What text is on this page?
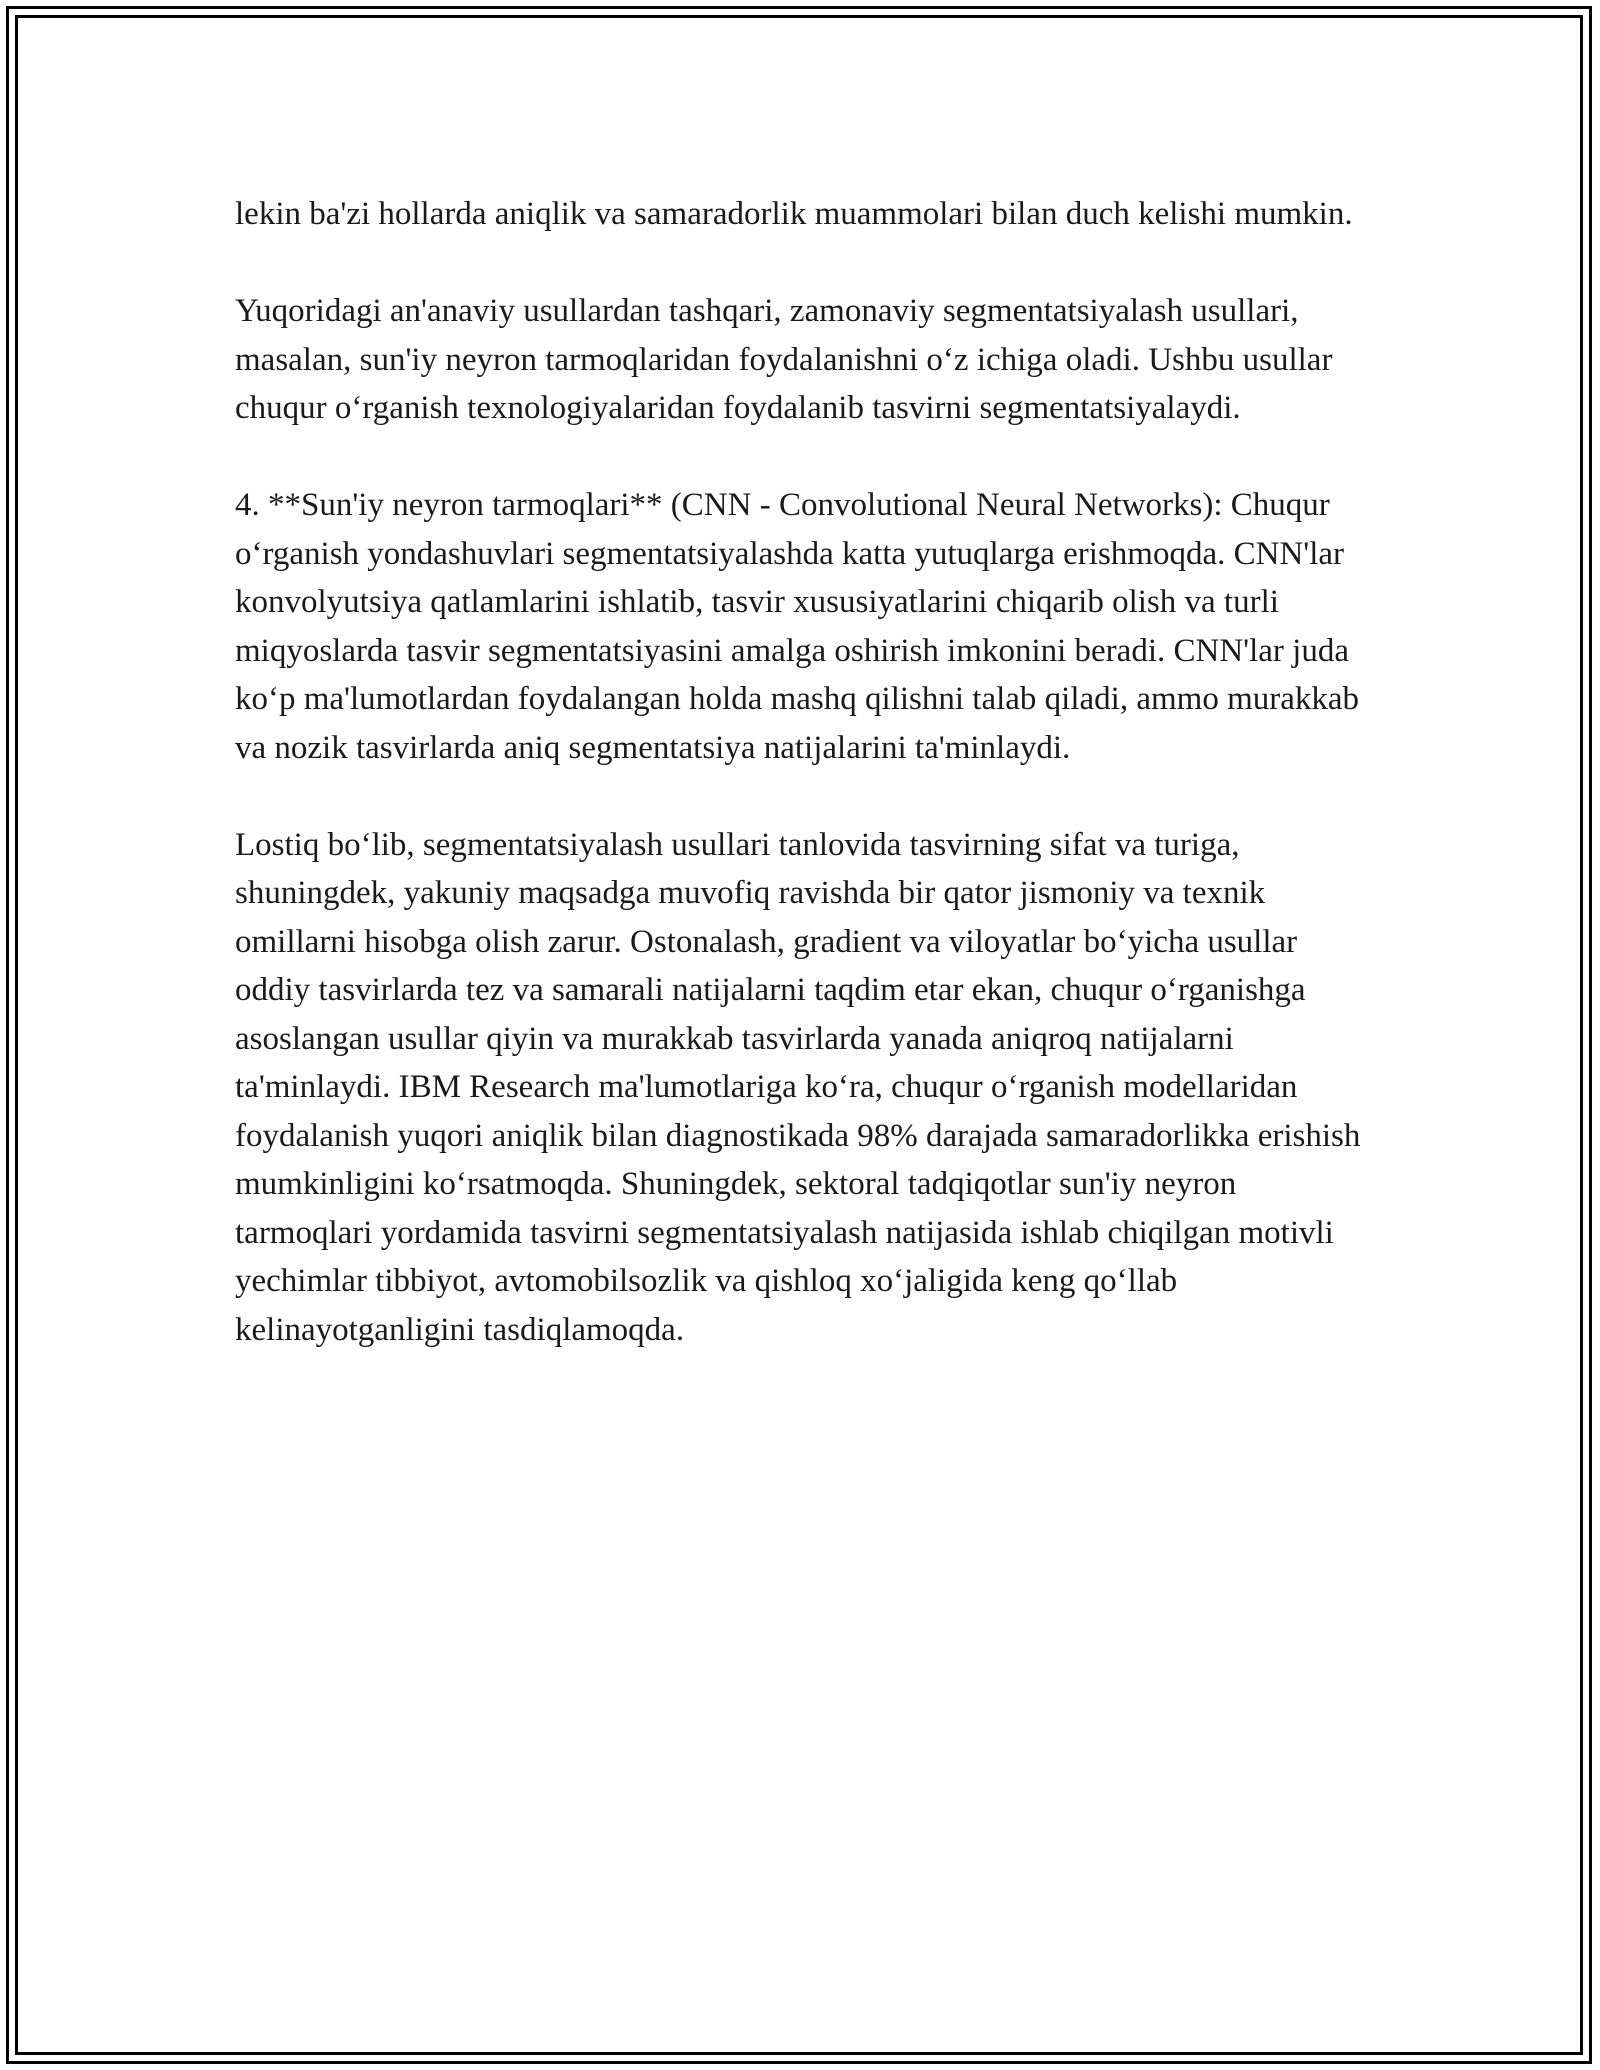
lekin ba'zi hollarda aniqlik va samaradorlik muammolari bilan duch kelishi mumkin.

Yuqoridagi an'anaviy usullardan tashqari, zamonaviy segmentatsiyalash usullari, masalan, sun'iy neyron tarmoqlaridan foydalanishni o‘z ichiga oladi. Ushbu usullar chuqur o‘rganish texnologiyalaridan foydalanib tasvirni segmentatsiyalaydi.

4. **Sun'iy neyron tarmoqlari** (CNN - Convolutional Neural Networks): Chuqur o‘rganish yondashuvlari segmentatsiyalashda katta yutuqlarga erishmoqda. CNN'lar konvolyutsiya qatlamlarini ishlatib, tasvir xususiyatlarini chiqarib olish va turli miqyoslarda tasvir segmentatsiyasini amalga oshirish imkonini beradi. CNN'lar juda ko‘p ma'lumotlardan foydalangan holda mashq qilishni talab qiladi, ammo murakkab va nozik tasvirlarda aniq segmentatsiya natijalarini ta'minlaydi.

Lostiq bo‘lib, segmentatsiyalash usullari tanlovida tasvirning sifat va turiga, shuningdek, yakuniy maqsadga muvofiq ravishda bir qator jismoniy va texnik omillarni hisobga olish zarur. Ostonalash, gradient va viloyatlar bo‘yicha usullar oddiy tasvirlarda tez va samarali natijalarni taqdim etar ekan, chuqur o‘rganishga asoslangan usullar qiyin va murakkab tasvirlarda yanada aniqroq natijalarni ta'minlaydi. IBM Research ma'lumotlariga ko‘ra, chuqur o‘rganish modellaridan foydalanish yuqori aniqlik bilan diagnostikada 98% darajada samaradorlikka erishish mumkinligini ko‘rsatmoqda. Shuningdek, sektoral tadqiqotlar sun'iy neyron tarmoqlari yordamida tasvirni segmentatsiyalash natijasida ishlab chiqilgan motivli yechimlar tibbiyot, avtomobilsozlik va qishloq xo‘jaligida keng qo‘llab kelinayotganligini tasdiqlamoqda.
